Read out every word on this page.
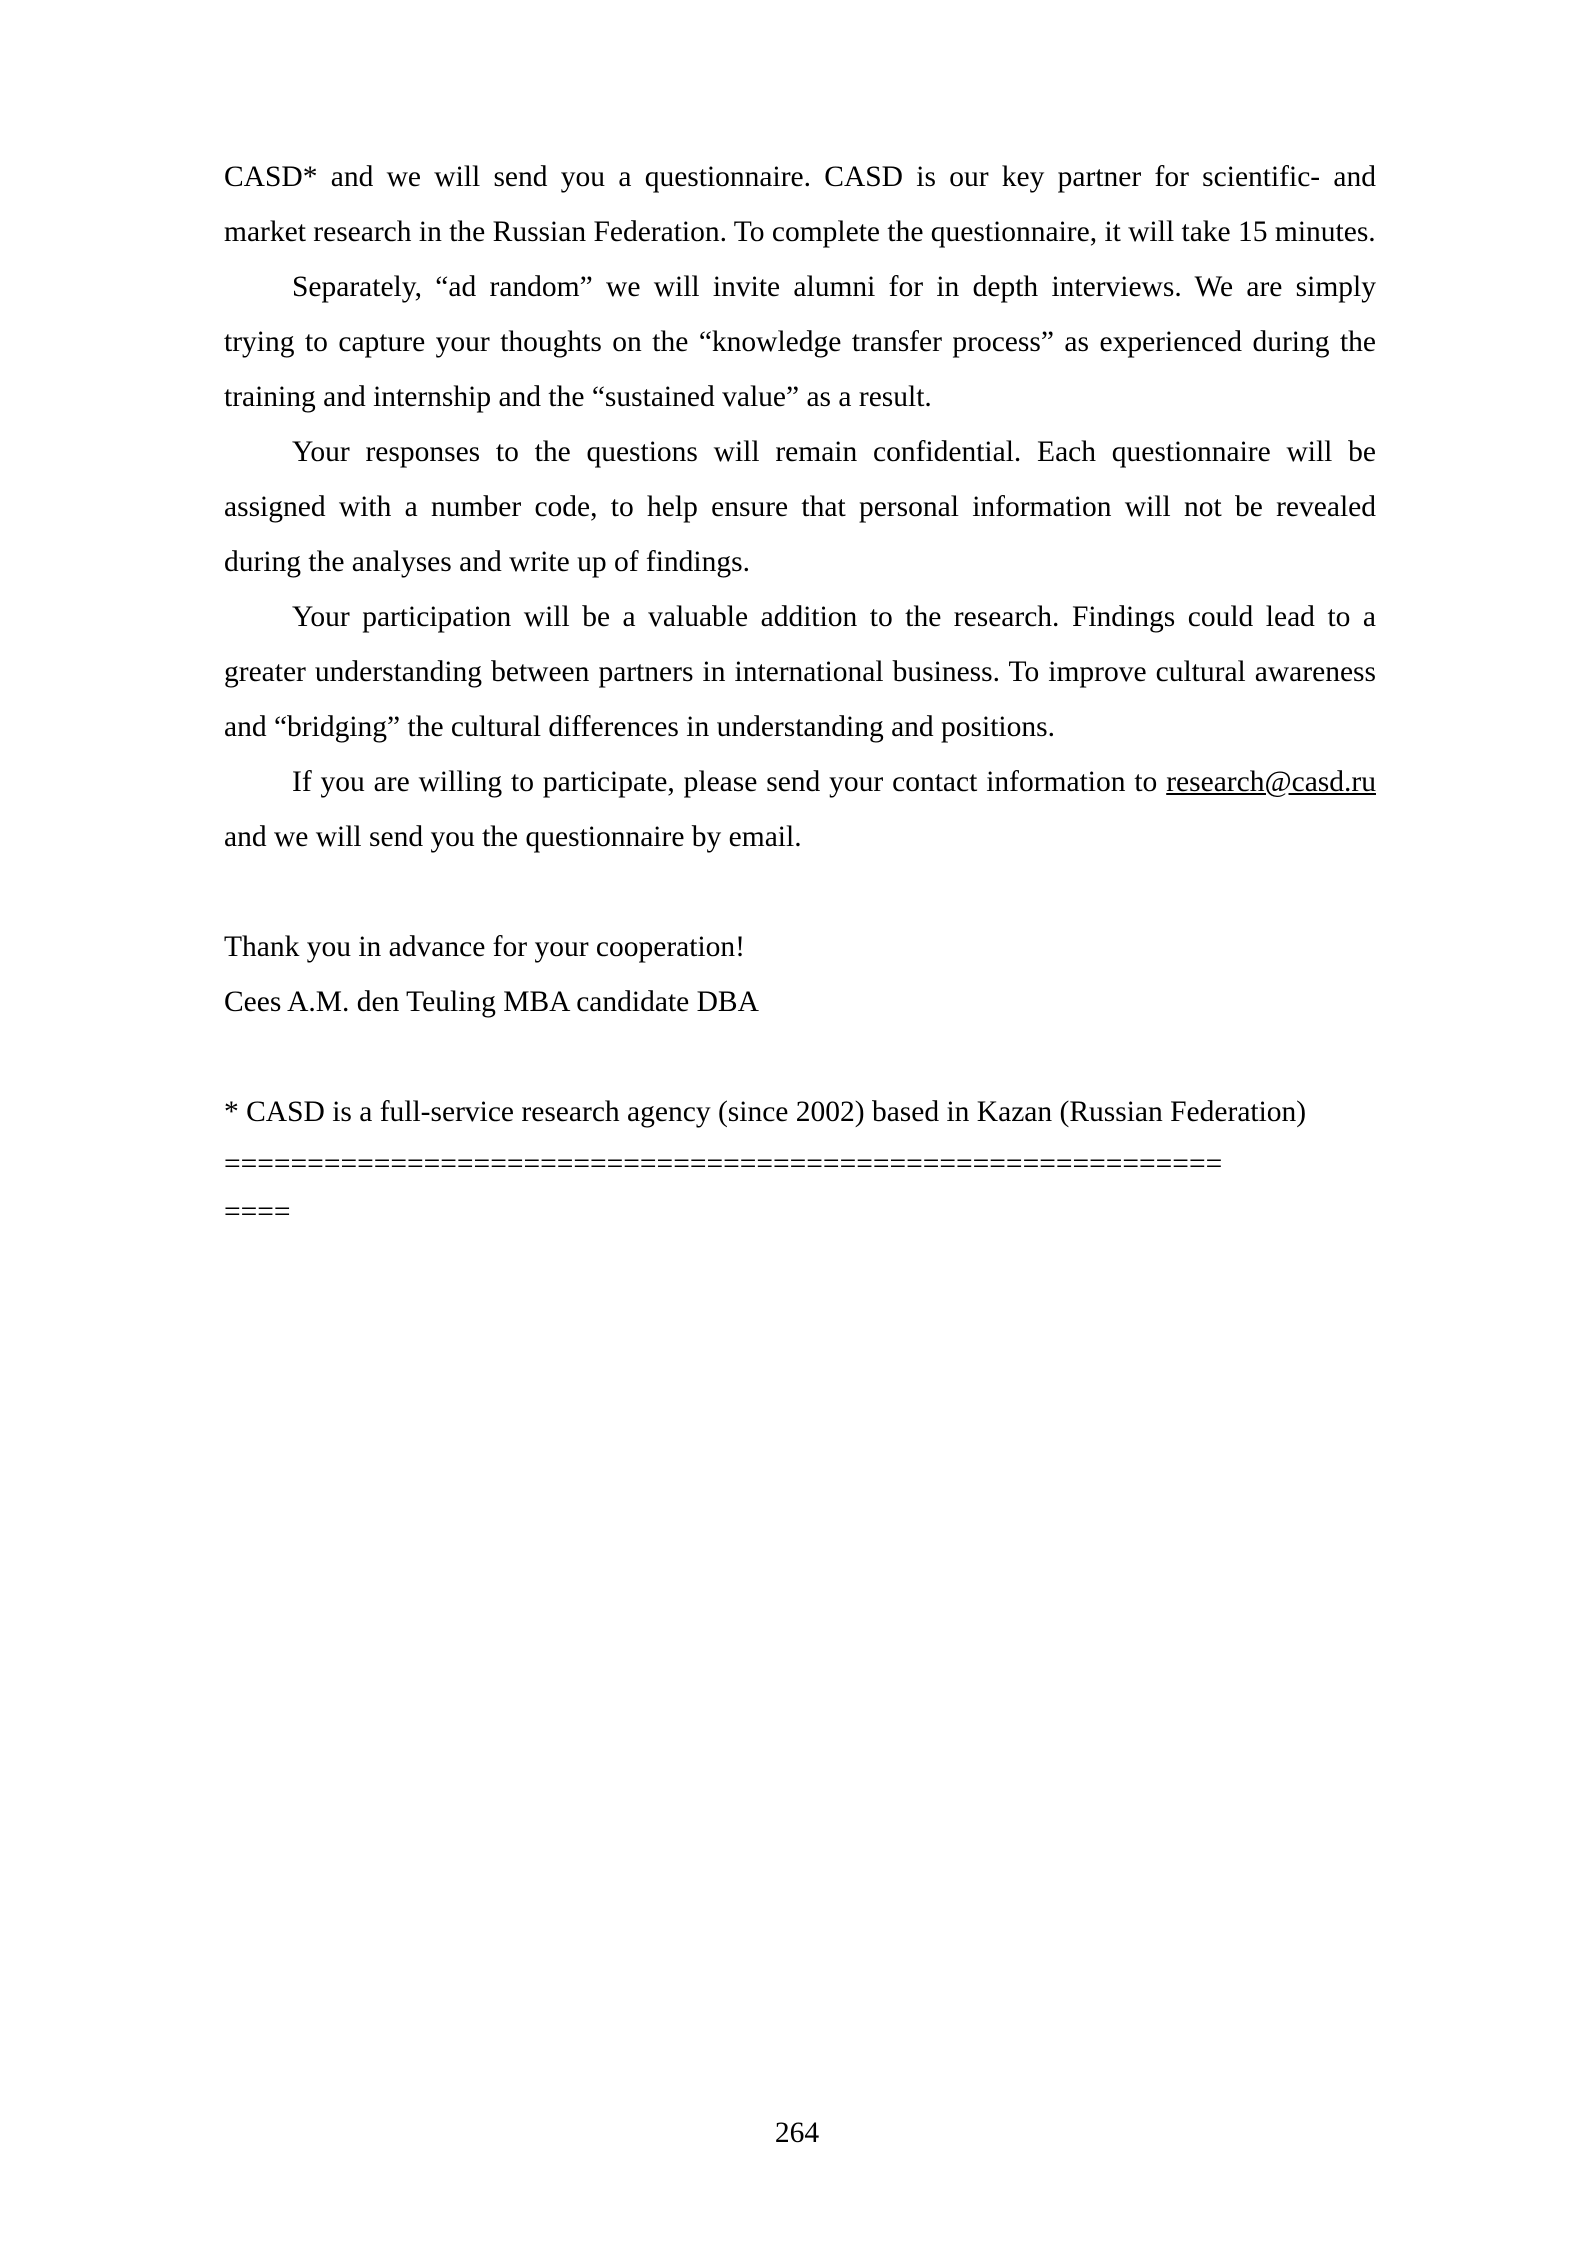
CASD* and we will send you a questionnaire. CASD is our key partner for scientific- and market research in the Russian Federation. To complete the questionnaire, it will take 15 minutes.

Separately, “ad random” we will invite alumni for in depth interviews. We are simply trying to capture your thoughts on the “knowledge transfer process” as experienced during the training and internship and the “sustained value” as a result.

Your responses to the questions will remain confidential. Each questionnaire will be assigned with a number code, to help ensure that personal information will not be revealed during the analyses and write up of findings.

Your participation will be a valuable addition to the research. Findings could lead to a greater understanding between partners in international business. To improve cultural awareness and “bridging” the cultural differences in understanding and positions.

If you are willing to participate, please send your contact information to research@casd.ru and we will send you the questionnaire by email.

Thank you in advance for your cooperation!

Cees A.M. den Teuling MBA candidate DBA

* CASD is a full-service research agency (since 2002) based in Kazan (Russian Federation)

============================================================

====

264
